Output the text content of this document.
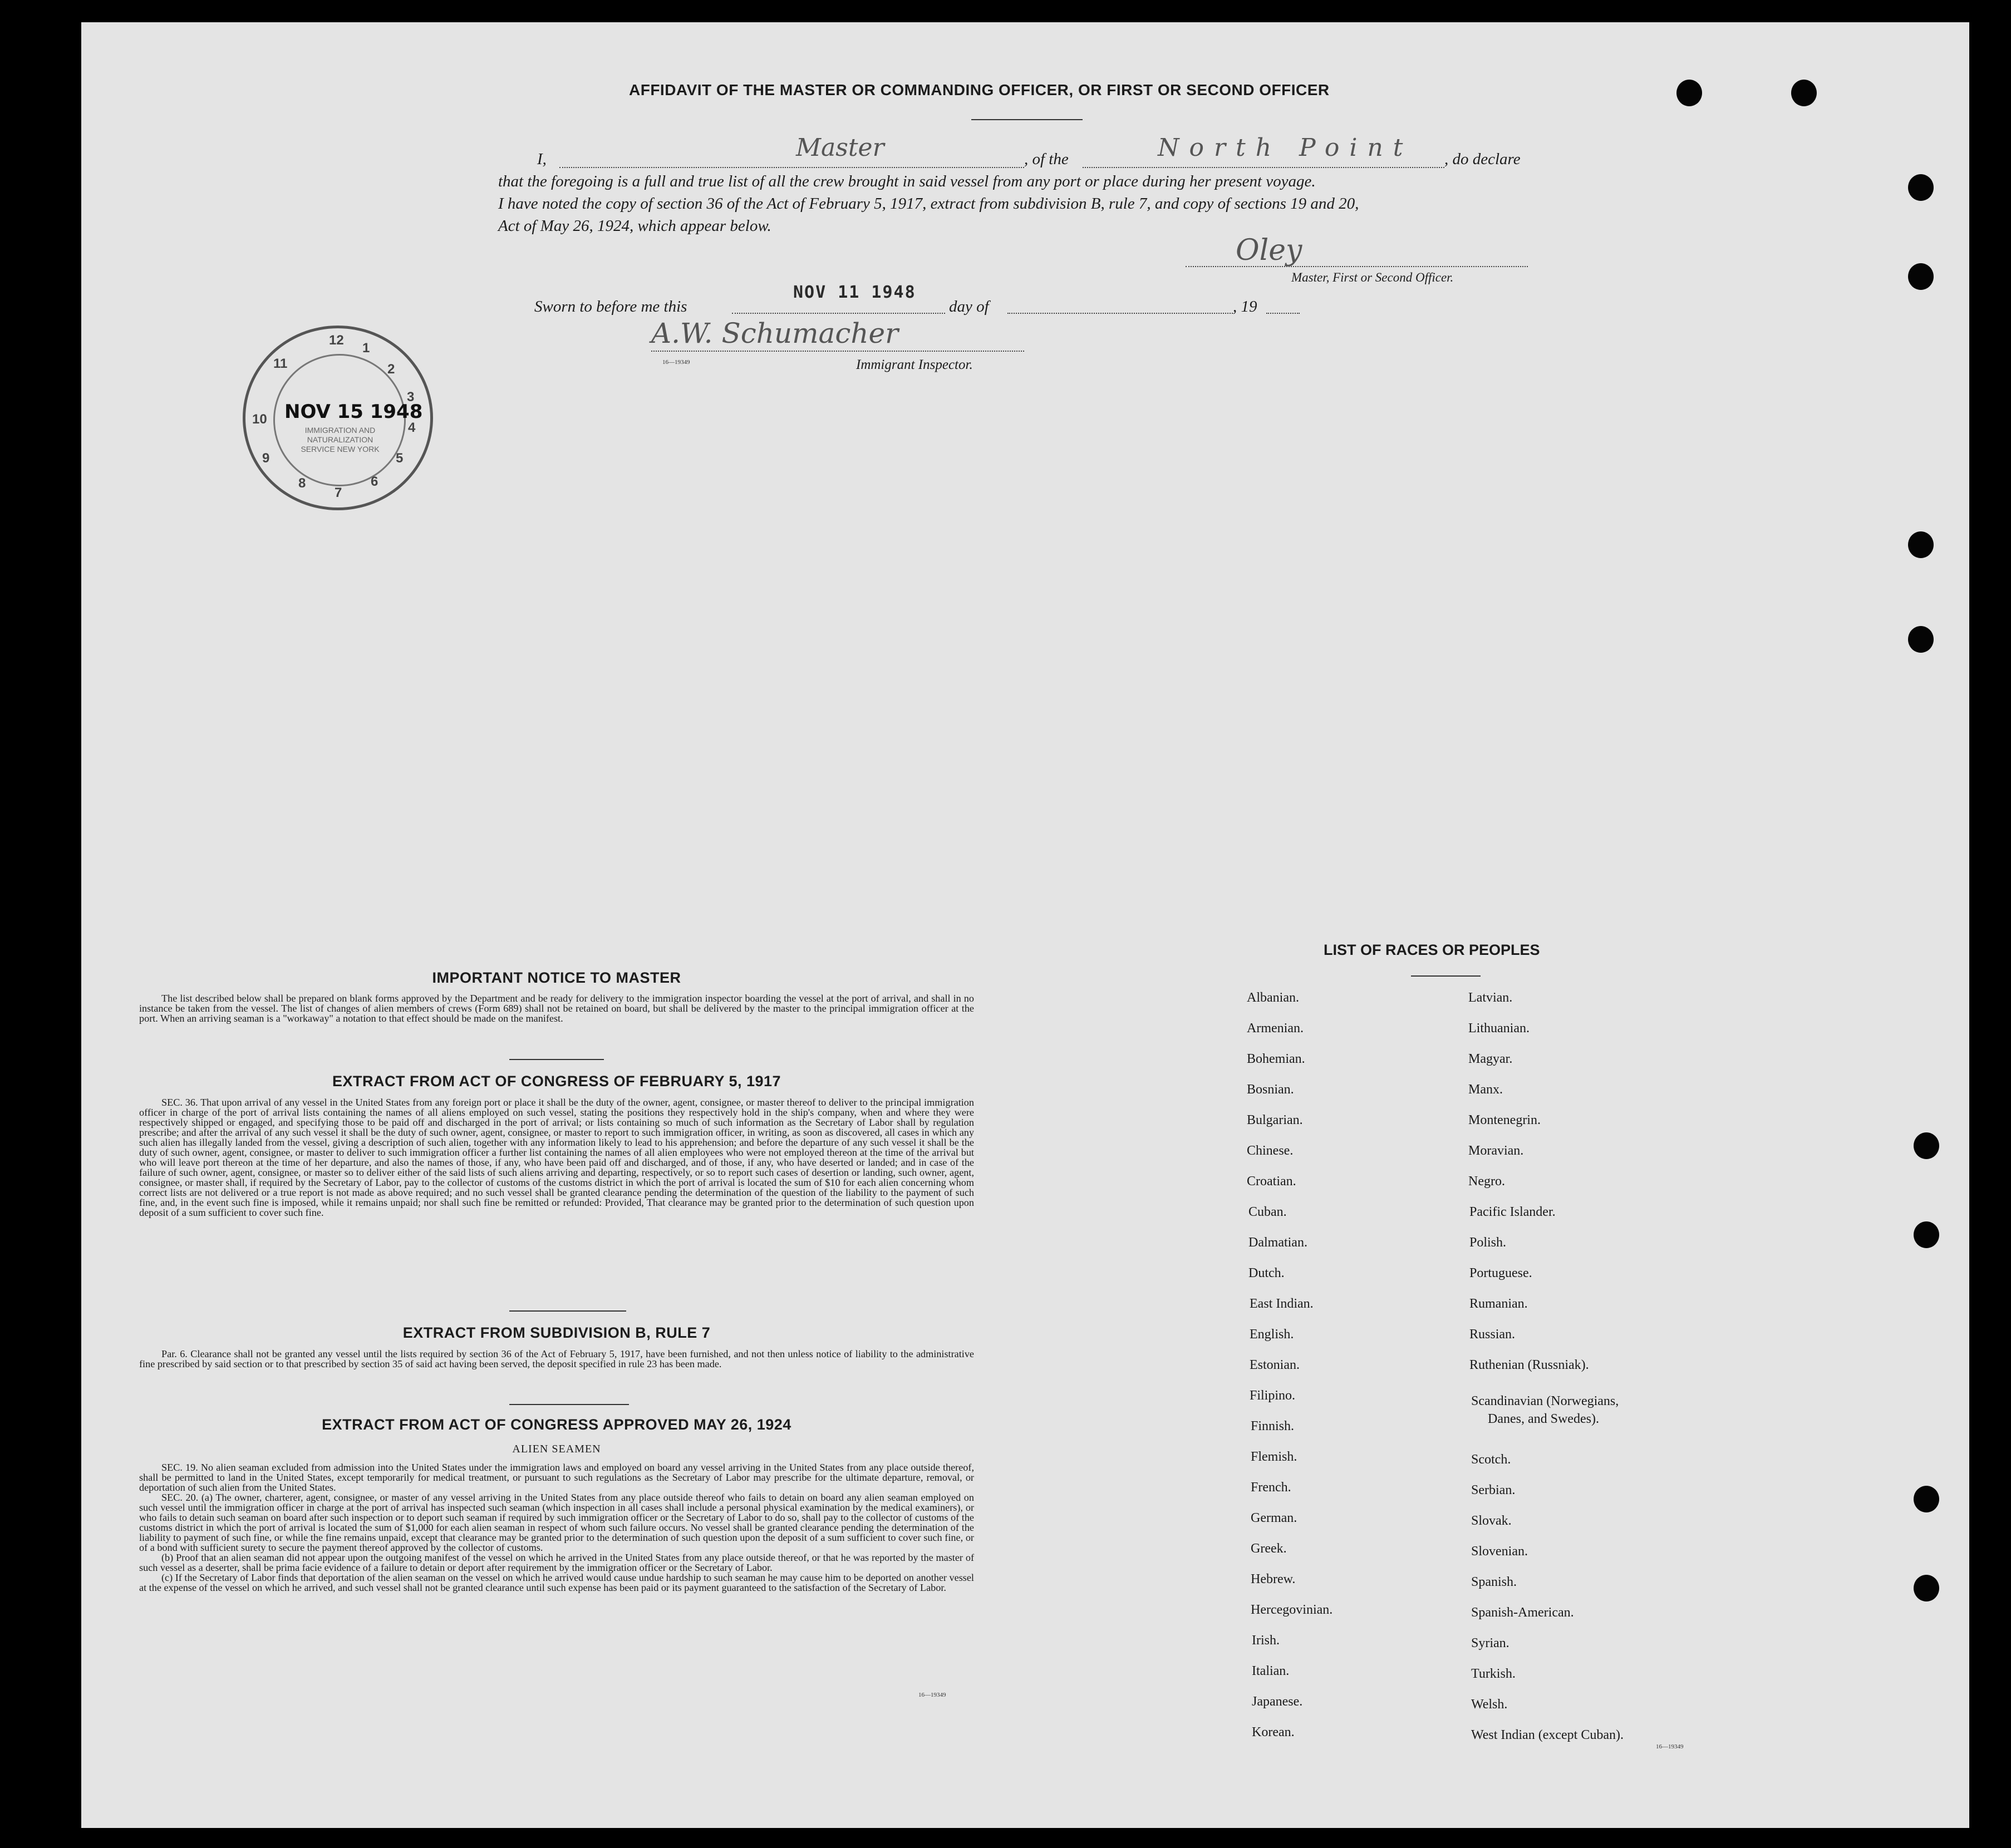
AFFIDAVIT OF THE MASTER OR COMMANDING OFFICER, OR FIRST OR SECOND OFFICER
I,	Master	, of the	North Point , do declare
that the foregoing is a full and true list of all the crew brought in said vessel from any port or place during her present voyage.
I have noted the copy of section 36 of the Act of February 5, 1917, extract from subdivision B, rule 7, and copy of sections 19 and 20,
Act of May 26, 1924, which appear below.
Oley
Master, First or Second Officer.
Sworn to before me this
NOV 11 1948
day of	, 19
A.W. Schumacher
16—19349	Immigrant Inspector.
NOV 15 1948
IMMIGRATION AND NATURALIZATION SERVICE NEW YORK
12
1
2
3
4
5
6
7
8
9
10
11
IMPORTANT NOTICE TO MASTER

The list described below shall be prepared on blank forms approved by the Department and be ready for delivery to the immigration inspector boarding the vessel at the port of arrival, and shall in no instance be taken from the vessel. The list of changes of alien members of crews (Form 689) shall not be retained on board, but shall be delivered by the master to the principal immigration officer at the port. When an arriving seaman is a "workaway" a notation to that effect should be made on the manifest.

EXTRACT FROM ACT OF CONGRESS OF FEBRUARY 5, 1917

SEC. 36. That upon arrival of any vessel in the United States from any foreign port or place it shall be the duty of the owner, agent, consignee, or master thereof to deliver to the principal immigration officer in charge of the port of arrival lists containing the names of all aliens employed on such vessel, stating the positions they respectively hold in the ship's company, when and where they were respectively shipped or engaged, and specifying those to be paid off and discharged in the port of arrival; or lists containing so much of such information as the Secretary of Labor shall by regulation prescribe; and after the arrival of any such vessel it shall be the duty of such owner, agent, consignee, or master to report to such immigration officer, in writing, as soon as discovered, all cases in which any such alien has illegally landed from the vessel, giving a description of such alien, together with any information likely to lead to his apprehension; and before the departure of any such vessel it shall be the duty of such owner, agent, consignee, or master to deliver to such immigration officer a further list containing the names of all alien employees who were not employed thereon at the time of the arrival but who will leave port thereon at the time of her departure, and also the names of those, if any, who have been paid off and discharged, and of those, if any, who have deserted or landed; and in case of the failure of such owner, agent, consignee, or master so to deliver either of the said lists of such aliens arriving and departing, respectively, or so to report such cases of desertion or landing, such owner, agent, consignee, or master shall, if required by the Secretary of Labor, pay to the collector of customs of the customs district in which the port of arrival is located the sum of $10 for each alien concerning whom correct lists are not delivered or a true report is not made as above required; and no such vessel shall be granted clearance pending the determination of the question of the liability to the payment of such fine, and, in the event such fine is imposed, while it remains unpaid; nor shall such fine be remitted or refunded: Provided, That clearance may be granted prior to the determination of such question upon deposit of a sum sufficient to cover such fine.

EXTRACT FROM SUBDIVISION B, RULE 7

Par. 6. Clearance shall not be granted any vessel until the lists required by section 36 of the Act of February 5, 1917, have been furnished, and not then unless notice of liability to the administrative fine prescribed by said section or to that prescribed by section 35 of said act having been served, the deposit specified in rule 23 has been made.

EXTRACT FROM ACT OF CONGRESS APPROVED MAY 26, 1924
ALIEN SEAMEN

SEC. 19. No alien seaman excluded from admission into the United States under the immigration laws and employed on board any vessel arriving in the United States from any place outside thereof, shall be permitted to land in the United States, except temporarily for medical treatment, or pursuant to such regulations as the Secretary of Labor may prescribe for the ultimate departure, removal, or deportation of such alien from the United States.

SEC. 20. (a) The owner, charterer, agent, consignee, or master of any vessel arriving in the United States from any place outside thereof who fails to detain on board any alien seaman employed on such vessel until the immigration officer in charge at the port of arrival has inspected such seaman (which inspection in all cases shall include a personal physical examination by the medical examiners), or who fails to detain such seaman on board after such inspection or to deport such seaman if required by such immigration officer or the Secretary of Labor to do so, shall pay to the collector of customs of the customs district in which the port of arrival is located the sum of $1,000 for each alien seaman in respect of whom such failure occurs. No vessel shall be granted clearance pending the determination of the liability to payment of such fine, or while the fine remains unpaid, except that clearance may be granted prior to the determination of such question upon the deposit of a sum sufficient to cover such fine, or of a bond with sufficient surety to secure the payment thereof approved by the collector of customs.

(b) Proof that an alien seaman did not appear upon the outgoing manifest of the vessel on which he arrived in the United States from any place outside thereof, or that he was reported by the master of such vessel as a deserter, shall be prima facie evidence of a failure to detain or deport after requirement by the immigration officer or the Secretary of Labor.

(c) If the Secretary of Labor finds that deportation of the alien seaman on the vessel on which he arrived would cause undue hardship to such seaman he may cause him to be deported on another vessel at the expense of the vessel on which he arrived, and such vessel shall not be granted clearance until such expense has been paid or its payment guaranteed to the satisfaction of the Secretary of Labor.

16—19349
LIST OF RACES OR PEOPLES
Albanian.
Armenian.
Bohemian.
Bosnian.
Bulgarian.
Chinese.
Croatian.
Cuban.
Dalmatian.
Dutch.
East Indian.
English.
Estonian.
Filipino.
Finnish.
Flemish.
French.
German.
Greek.
Hebrew.
Hercegovinian.
Irish.
Italian.
Japanese.
Korean.
Latvian.
Lithuanian.
Magyar.
Manx.
Montenegrin.
Moravian.
Negro.
Pacific Islander.
Polish.
Portuguese.
Rumanian.
Russian.
Ruthenian (Russniak).
Scandinavian (Norwegians,
Danes, and Swedes).
Scotch.
Serbian.
Slovak.
Slovenian.
Spanish.
Spanish-American.
Syrian.
Turkish.
Welsh.
West Indian (except Cuban).
16—19349
